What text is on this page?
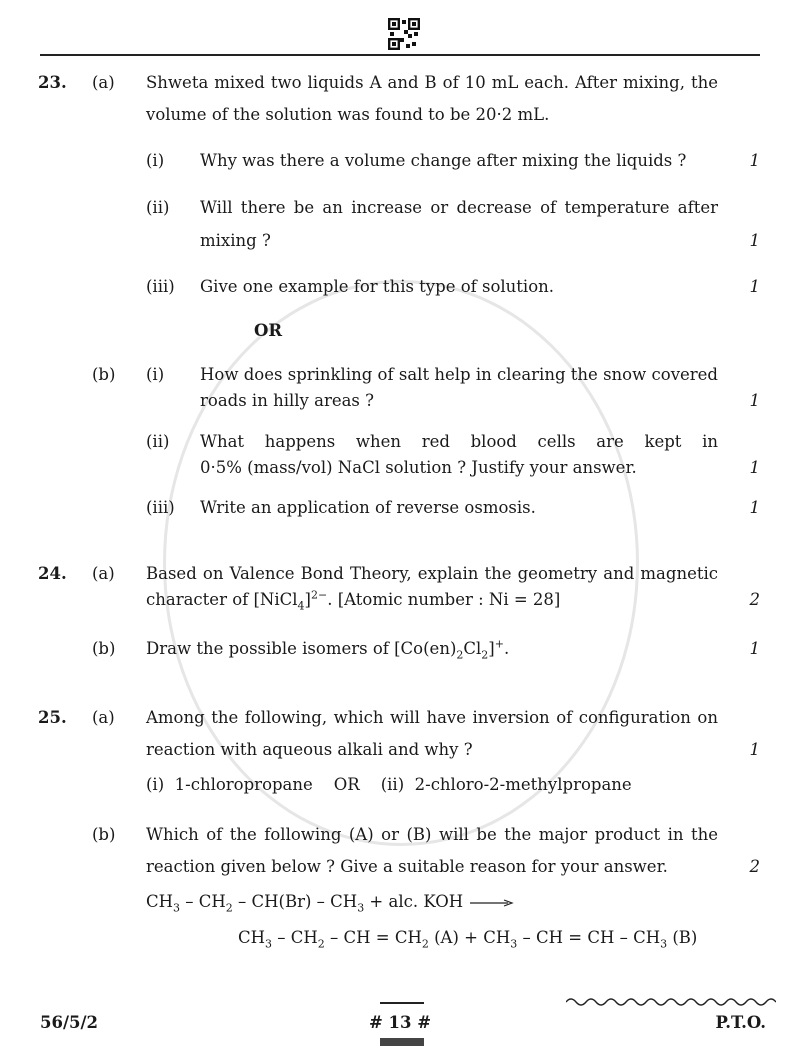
23. (a) Shweta mixed two liquids A and B of 10 mL each. After mixing, the
volume of the solution was found to be 20·2 mL.
(i) Why was there a volume change after mixing the liquids ?	1
(ii) Will there be an increase or decrease of temperature after
mixing ?	1
(iii) Give one example for this type of solution.	1
OR
(b) (i) How does sprinkling of salt help in clearing the snow covered
roads in hilly areas ?	1
(ii) What happens when red blood cells are kept in
0·5% (mass/vol) NaCl solution ? Justify your answer.	1
(iii) Write an application of reverse osmosis.	1
24. (a) Based on Valence Bond Theory, explain the geometry and magnetic
character of [NiCl$_4$]$^{2-}$. [Atomic number : Ni = 28]	2
(b) Draw the possible isomers of $[Co(en)_2Cl_2]^+$.	1
25. (a) Among the following, which will have inversion of configuration on
reaction with aqueous alkali and why ?	1
(i)  1-chloropropane    OR    (ii)  2-chloro-2-methylpropane
(b) Which of the following (A) or (B) will be the major product in the
reaction given below ? Give a suitable reason for your answer.	2
$CH_3 - CH_2 - CH(Br) - CH_3$ + alc. KOH →
$CH_3 - CH_2$ – CH = $CH_2$ $(A) + CH_3$ – CH = CH – $CH_3$ (B)
56/5/2	# 13 #	P.T.O.
